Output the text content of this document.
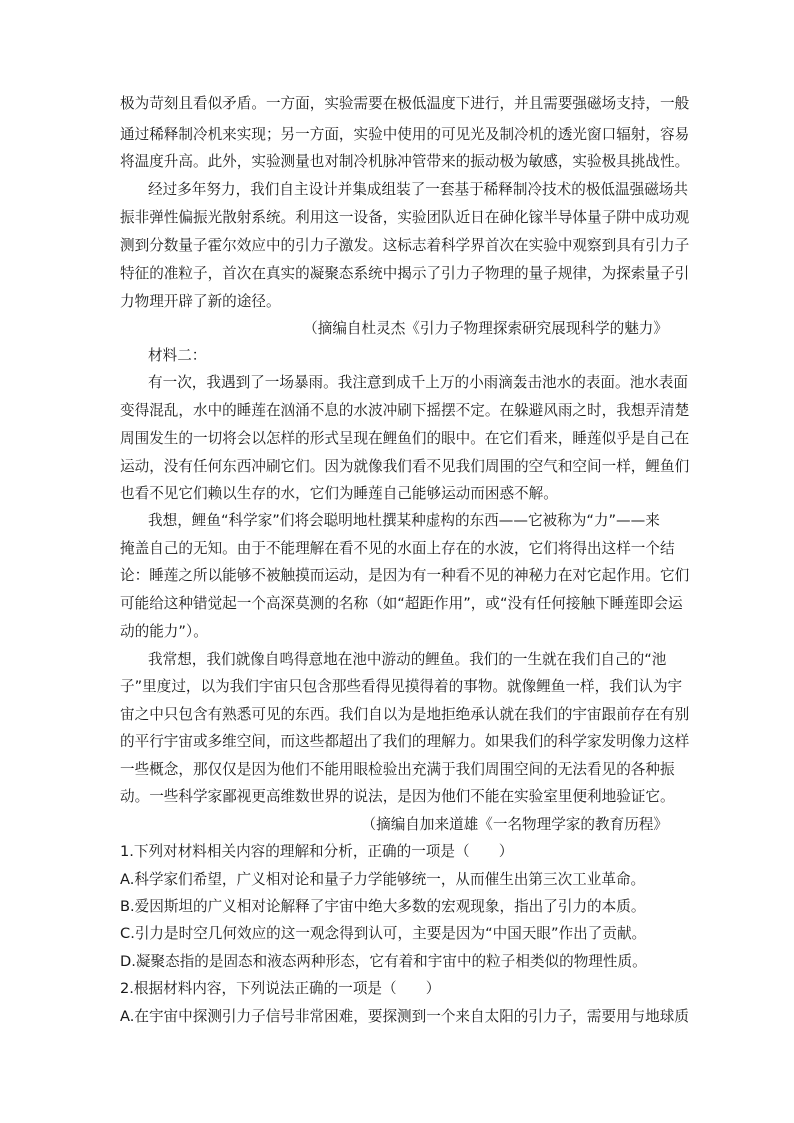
极为苛刻且看似矛盾。一方面，实验需要在极低温度下进行，并且需要强磁场支持，一般

通过稀释制冷机来实现；另一方面，实验中使用的可见光及制冷机的透光窗口辐射，容易

将温度升高。此外，实验测量也对制冷机脉冲管带来的振动极为敏感，实验极具挑战性。

经过多年努力，我们自主设计并集成组装了一套基于稀释制冷技术的极低温强磁场共

振非弹性偏振光散射系统。利用这一设备，实验团队近日在砷化镓半导体量子阱中成功观

测到分数量子霍尔效应中的引力子激发。这标志着科学界首次在实验中观察到具有引力子

特征的准粒子，首次在真实的凝聚态系统中揭示了引力子物理的量子规律，为探索量子引

力物理开辟了新的途径。

（摘编自杜灵杰《引力子物理探索研究展现科学的魅力》

材料二：

有一次，我遇到了一场暴雨。我注意到成千上万的小雨滴轰击池水的表面。池水表面

变得混乱，水中的睡莲在汹涌不息的水波冲刷下摇摆不定。在躲避风雨之时，我想弄清楚

周围发生的一切将会以怎样的形式呈现在鲤鱼们的眼中。在它们看来，睡莲似乎是自己在

运动，没有任何东西冲刷它们。因为就像我们看不见我们周围的空气和空间一样，鲤鱼们

也看不见它们赖以生存的水，它们为睡莲自己能够运动而困惑不解。

我想，鲤鱼“科学家”们将会聪明地杜撰某种虚构的东西——它被称为“力”——来

掩盖自己的无知。由于不能理解在看不见的水面上存在的水波，它们将得出这样一个结

论：睡莲之所以能够不被触摸而运动，是因为有一种看不见的神秘力在对它起作用。它们

可能给这种错觉起一个高深莫测的名称（如“超距作用”，或“没有任何接触下睡莲即会运

动的能力”）。

我常想，我们就像自鸣得意地在池中游动的鲤鱼。我们的一生就在我们自己的“池

子”里度过，以为我们宇宙只包含那些看得见摸得着的事物。就像鲤鱼一样，我们认为宇

宙之中只包含有熟悉可见的东西。我们自以为是地拒绝承认就在我们的宇宙跟前存在有别

的平行宇宙或多维空间，而这些都超出了我们的理解力。如果我们的科学家发明像力这样

一些概念，那仅仅是因为他们不能用眼检验出充满于我们周围空间的无法看见的各种振

动。一些科学家鄙视更高维数世界的说法，是因为他们不能在实验室里便利地验证它。

（摘编自加来道雄《一名物理学家的教育历程》

1.下列对材料相关内容的理解和分析，正确的一项是（　　）

A.科学家们希望，广义相对论和量子力学能够统一，从而催生出第三次工业革命。

B.爱因斯坦的广义相对论解释了宇宙中绝大多数的宏观现象，指出了引力的本质。

C.引力是时空几何效应的这一观念得到认可，主要是因为“中国天眼”作出了贡献。

D.凝聚态指的是固态和液态两种形态，它有着和宇宙中的粒子相类似的物理性质。

2.根据材料内容，下列说法正确的一项是（　　）

A.在宇宙中探测引力子信号非常困难，要探测到一个来自太阳的引力子，需要用与地球质
